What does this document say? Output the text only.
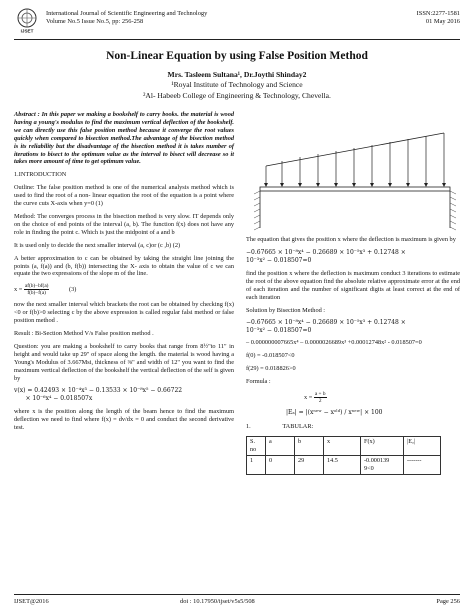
IJSET
International Journal of Scientific Engineering and Technology
Volume No.5 Issue No.5, pp: 256-258
ISSN:2277-1581
01 May 2016
Non-Linear Equation by using False Position Method
Mrs. Tasleem Sultana¹, Dr.Joythi Shinday2
¹Royal Institute of Technology and Science
²Al- Habeeb College of Engineering & Technology, Chevella.

Abstract : In this paper we making a bookshelf to carry books. the material is wood having a young's modulus to find the maximum vertical deflection of the bookshelf. we can directly use this false position method because it converge the root values quickly when compared to bisection method.The advantage of the bisection method is its reliability but the disadvantage of the bisection method it is takes number of iterations to bisect to the optimum value as the interval to bisect will decrease so it takes more amount of time to get optimum value.

1.INTRODUCTION

Outline: The false position method is one of the numerical analysis method which is used to find the root of a non- linear equation the root of the equation is a point where the curve cuts X-axis when y=0 (1)

Method: The converges process in the bisection method is very slow. IT depends only on the choice of end points of the interval (a, b). The function f(x) does not have any role in finding the point c. Which is just the midpoint of a and b

It is used only to decide the next smaller interval (a, c)or (c ,b) (2)

A better approximation to c can be obtained by taking the straight line joining the points (a, f(a)) and (b, f(b)) intersecting the X- axis to obtain the value of c we can equate the two expressions of the slope m of the line.

$x = \frac{af(b)-bf(a)}{f(b)-f(a)}$	(3)

now the next smaller interval which brackets the root can be obtained by checking f(x)<0 or f(b)>0 selecting c by the above expression is called regular falsi method or false position method .

Result : Bi-Section Method V/s False position method .

Question: you are making a bookshelf to carry books that range from 8½"to 11" in height and would take up 29" of space along the length. the material is wood having a Young's Modulus of 3.667Msi, thickness of ⅜" and width of 12" you want to find the maximum vertical deflection of the bookshelf the vertical deflection of the self is given by

v(x) = 0.42493 × 10⁻⁴x³ − 0.13533 × 10⁻⁸x⁵ − 0.66722
× 10⁻⁶x⁴ − 0.018507x

where x is the position along the length of the beam hence to find the maximum deflection we need to find where f(x) = dv/dx = 0 and conduct the second derivative test.

The equation that gives the position x where the deflection is maximum is given by

−0.67665 × 10⁻⁸x⁴ − 0.26689 × 10⁻⁵x³ + 0.12748 ×
10⁻³x² − 0.018507=0

find the position x where the deflection is maximum conduct 3 iterations to estimate the root of the above equation find the absolute relative approximate error at the end of each iteration and the number of significant digits at least correct at the end of each iteration

Solution by Bisection Method :

−0.67665 × 10⁻⁸x⁴ − 0.26689 × 10⁻⁵x³ + 0.12748 ×
10⁻³x² − 0.018507=0

– 0.000000007665x⁴ – 0.0000026689x³ +0.00012748x² - 0.018507=0

f(0) = -0.018507<0

f(29) = 0.018826>0

Formula :

$x = \frac{a + b}{2}$

|Eₐ| = |(xⁿᵉʷ − xᵒˡᵈ) / xⁿᵉʷ| × 100

1.	TABULAR:

S. no	a	b	x	F(x)	|Eₐ|
1	0	29	14.5	-0.000139 9<0	-------
IJSET@2016	doi : 10.17950/ijset/v5s5/508	Page 256
